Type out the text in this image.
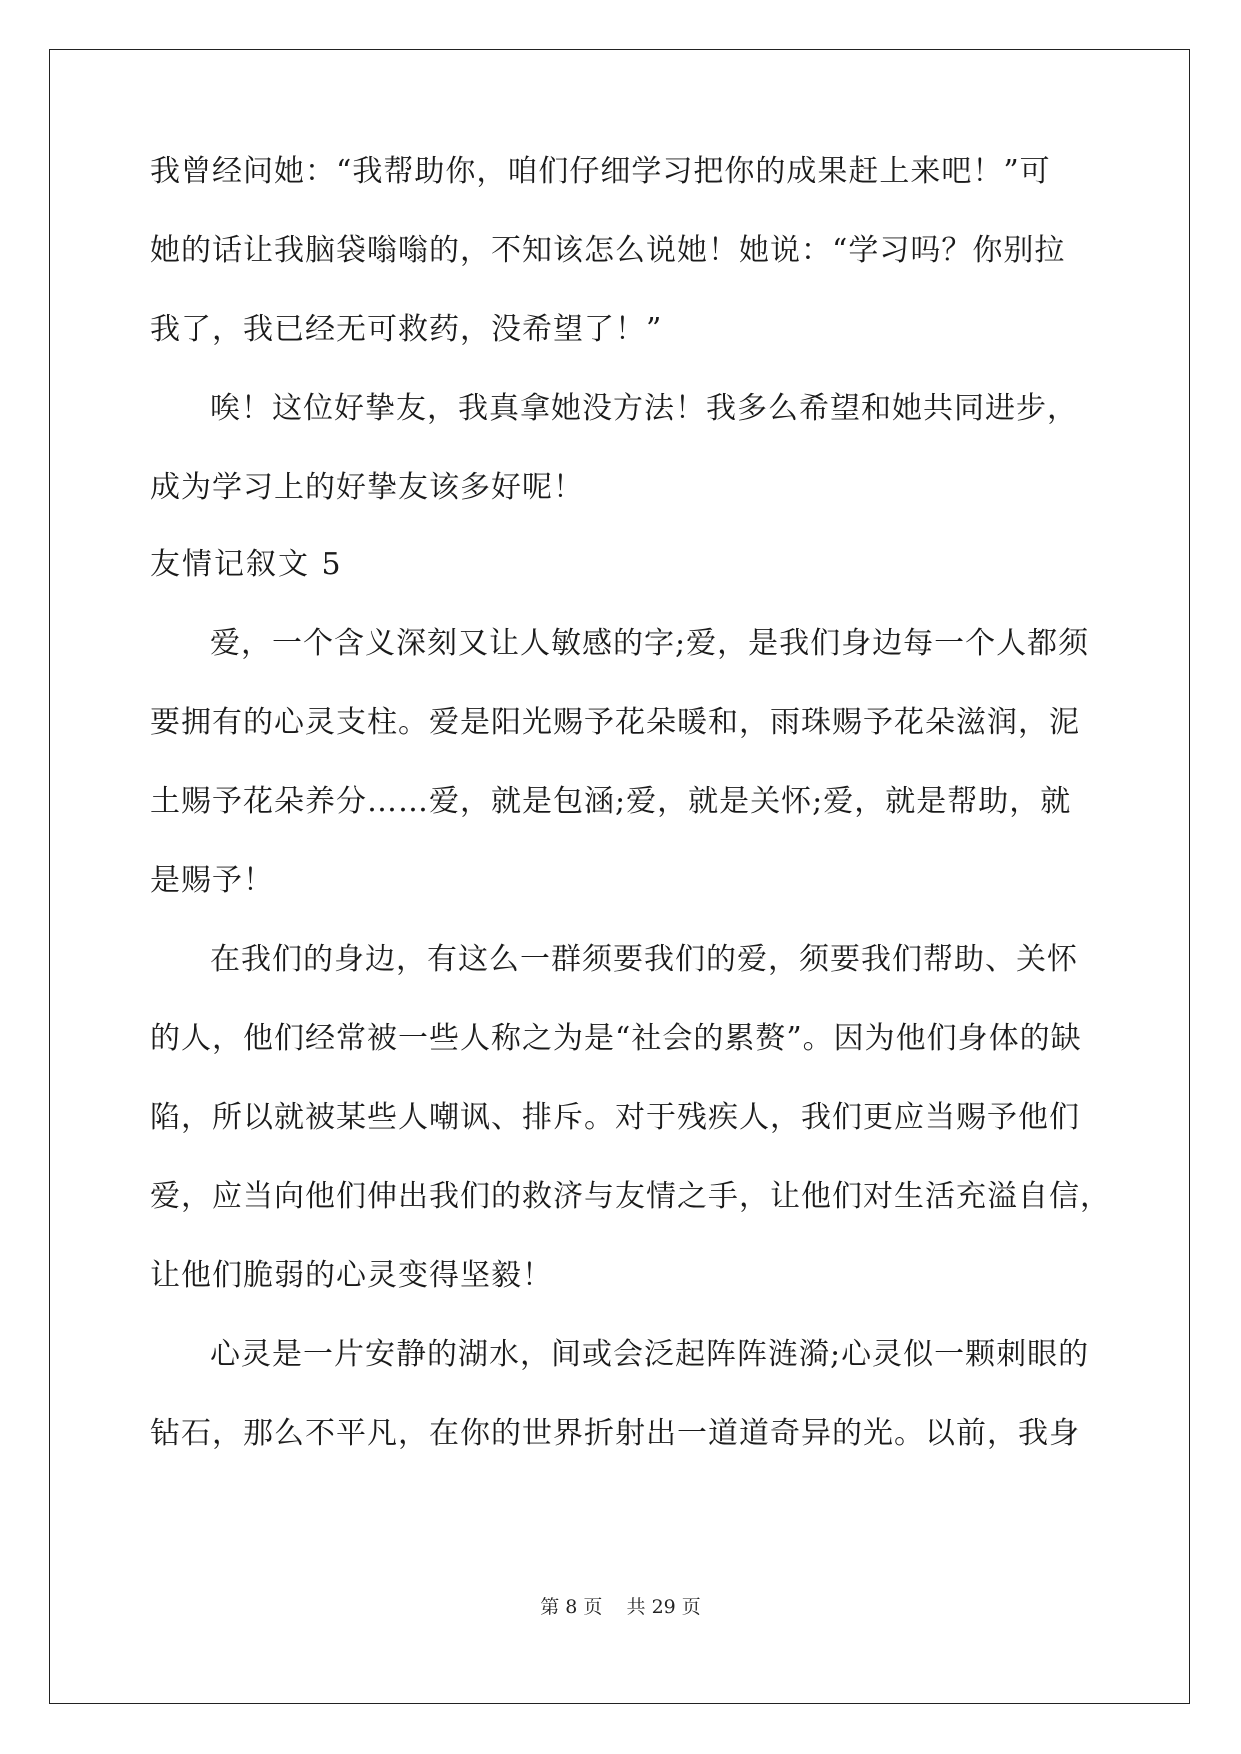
我曾经问她：“我帮助你，咱们仔细学习把你的成果赶上来吧！”可
她的话让我脑袋嗡嗡的，不知该怎么说她！她说：“学习吗？你别拉
我了，我已经无可救药，没希望了！”
唉！这位好挚友，我真拿她没方法！我多么希望和她共同进步，
成为学习上的好挚友该多好呢！
友情记叙文 5
爱，一个含义深刻又让人敏感的字;爱，是我们身边每一个人都须
要拥有的心灵支柱。爱是阳光赐予花朵暖和，雨珠赐予花朵滋润，泥
土赐予花朵养分……爱，就是包涵;爱，就是关怀;爱，就是帮助，就
是赐予！
在我们的身边，有这么一群须要我们的爱，须要我们帮助、关怀
的人，他们经常被一些人称之为是“社会的累赘”。因为他们身体的缺
陷，所以就被某些人嘲讽、排斥。对于残疾人，我们更应当赐予他们
爱，应当向他们伸出我们的救济与友情之手，让他们对生活充溢自信，
让他们脆弱的心灵变得坚毅！
心灵是一片安静的湖水，间或会泛起阵阵涟漪;心灵似一颗刺眼的
钻石，那么不平凡，在你的世界折射出一道道奇异的光。以前，我身
第 8 页 共 29 页
